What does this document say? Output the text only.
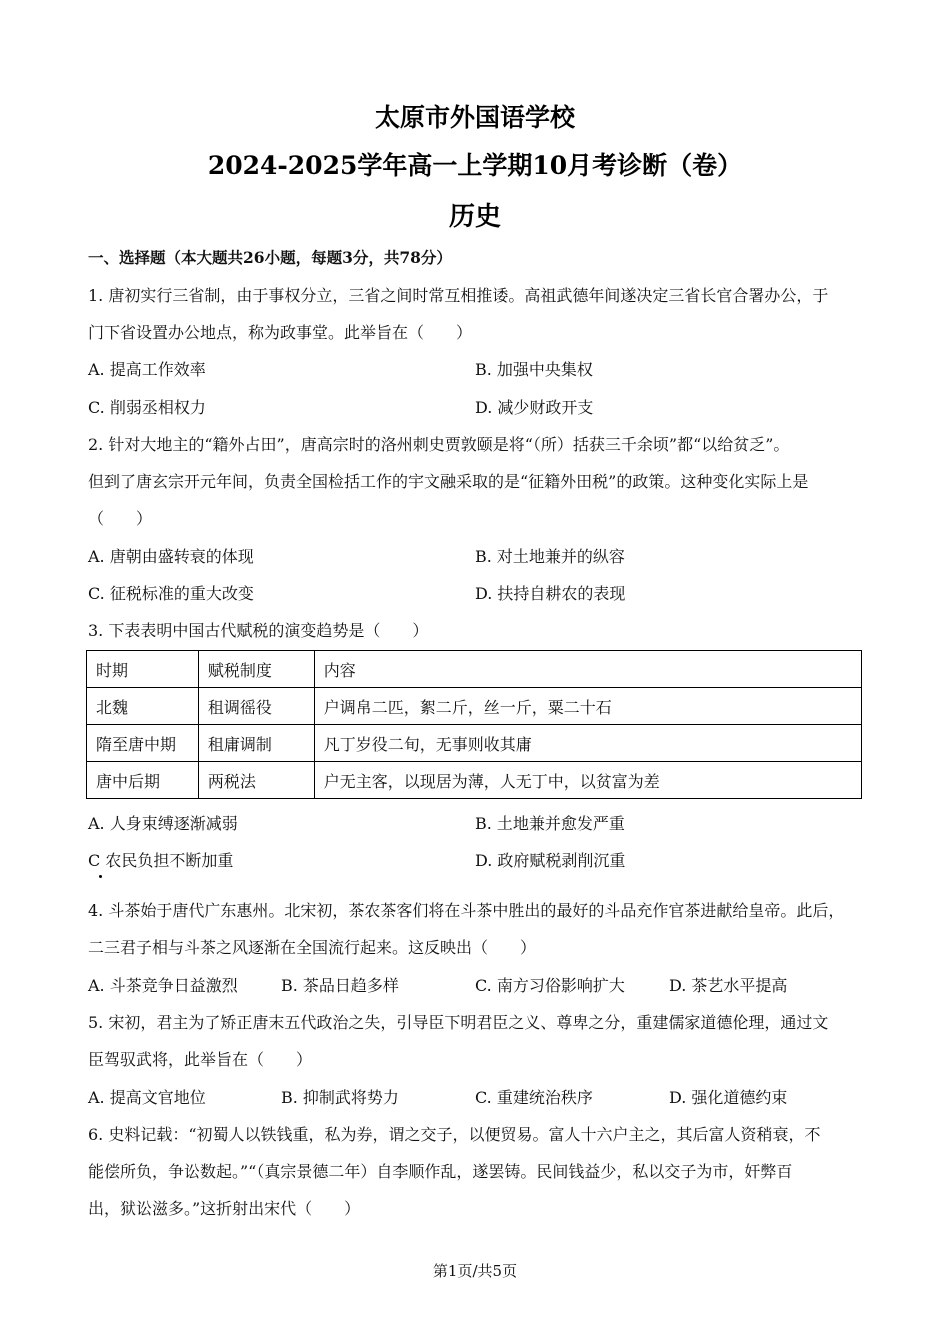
太原市外国语学校
2024-2025学年高一上学期10月考诊断（卷）
历史
一、选择题（本大题共26小题，每题3分，共78分）
1. 唐初实行三省制，由于事权分立，三省之间时常互相推诿。高祖武德年间遂决定三省长官合署办公，于
门下省设置办公地点，称为政事堂。此举旨在（　　）
A. 提高工作效率	B. 加强中央集权
C. 削弱丞相权力	D. 减少财政开支
2. 针对大地主的“籍外占田”，唐高宗时的洛州刺史贾敦颐是将“（所）括获三千余顷”都“以给贫乏”。
但到了唐玄宗开元年间，负责全国检括工作的宇文融采取的是“征籍外田税”的政策。这种变化实际上是
（　　）
A. 唐朝由盛转衰的体现	B. 对土地兼并的纵容
C. 征税标准的重大改变	D. 扶持自耕农的表现
3. 下表表明中国古代赋税的演变趋势是（　　）
时期	赋税制度	内容
北魏	租调徭役	户调帛二匹，絮二斤，丝一斤，粟二十石
隋至唐中期	租庸调制	凡丁岁役二旬，无事则收其庸
唐中后期	两税法	户无主客，以现居为薄，人无丁中，以贫富为差
A. 人身束缚逐渐减弱	B. 土地兼并愈发严重
C 农民负担不断加重	D. 政府赋税剥削沉重
4. 斗茶始于唐代广东惠州。北宋初，茶农茶客们将在斗茶中胜出的最好的斗品充作官茶进献给皇帝。此后，
二三君子相与斗茶之风逐渐在全国流行起来。这反映出（　　）
A. 斗茶竞争日益激烈	B. 茶品日趋多样	C. 南方习俗影响扩大	D. 茶艺水平提高
5. 宋初，君主为了矫正唐末五代政治之失，引导臣下明君臣之义、尊卑之分，重建儒家道德伦理，通过文
臣驾驭武将，此举旨在（　　）
A. 提高文官地位	B. 抑制武将势力	C. 重建统治秩序	D. 强化道德约束
6. 史料记载：“初蜀人以铁钱重，私为券，谓之交子，以便贸易。富人十六户主之，其后富人资稍衰，不
能偿所负，争讼数起。”“（真宗景德二年）自李顺作乱，遂罢铸。民间钱益少，私以交子为市，奸弊百
出，狱讼滋多。”这折射出宋代（　　）
第1页/共5页
